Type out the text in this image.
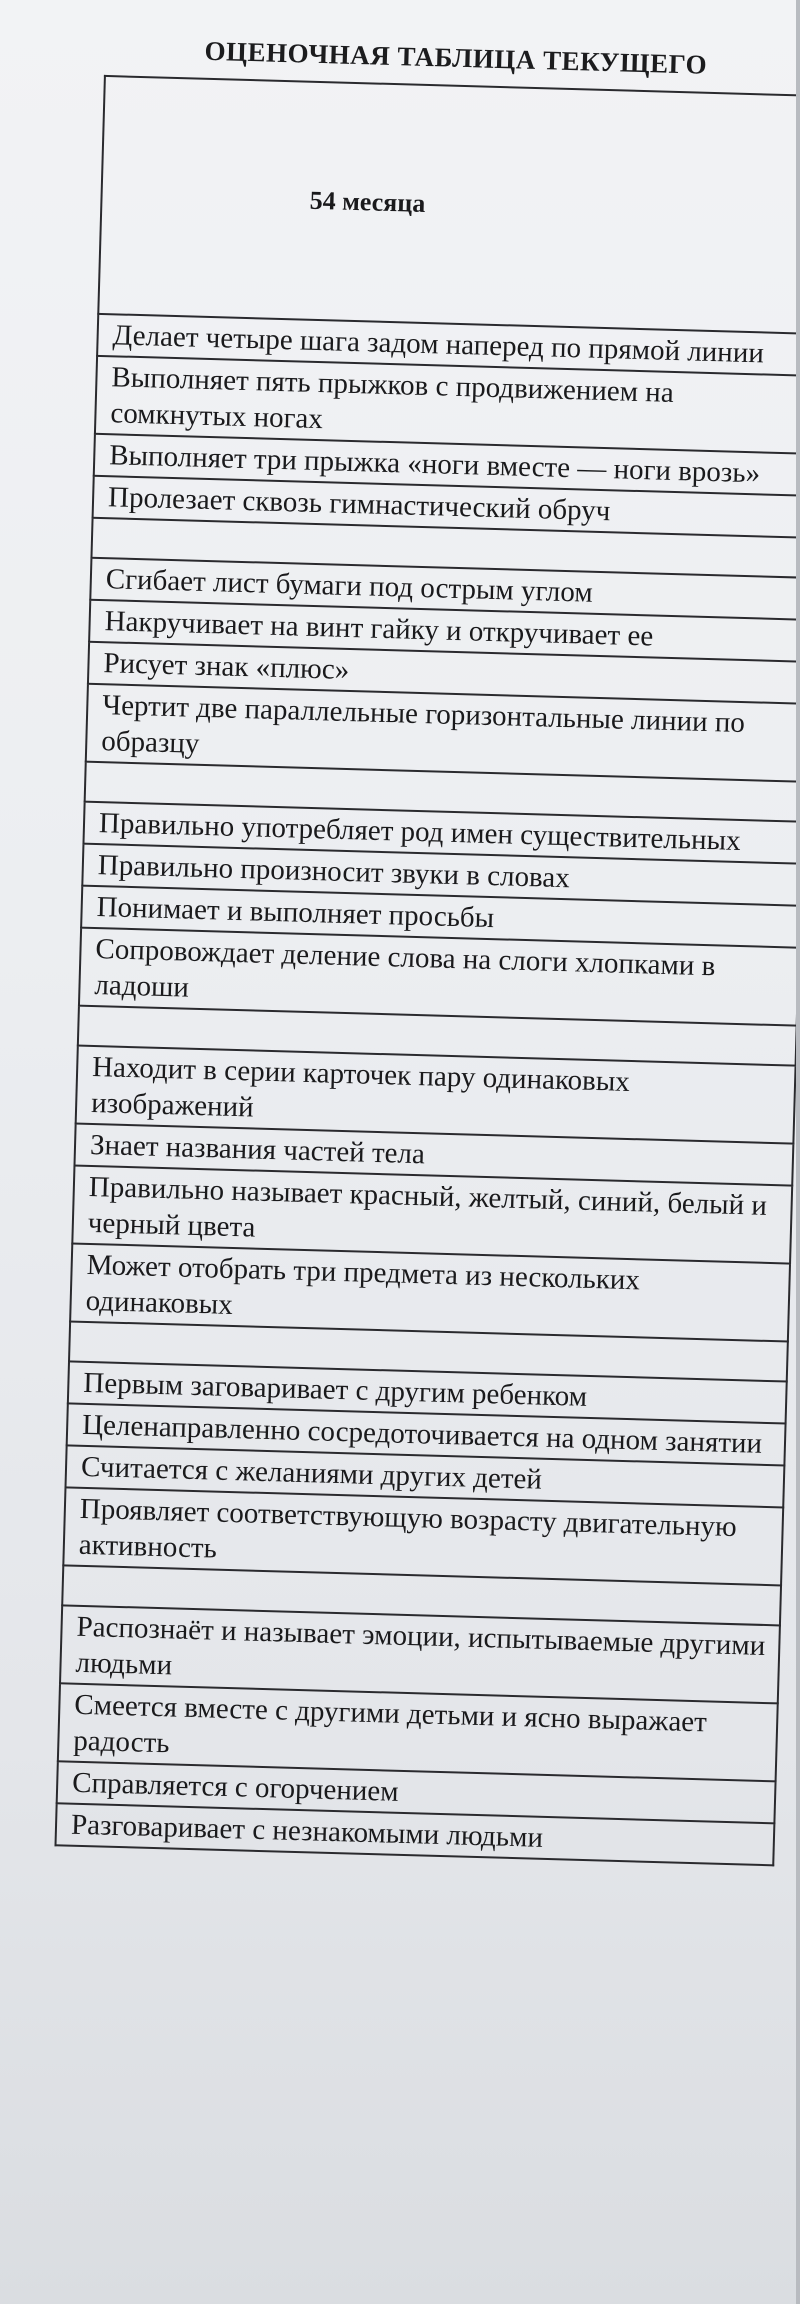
ОЦЕНОЧНАЯ ТАБЛИЦА ТЕКУЩЕГО
54 месяца
Делает четыре шага задом наперед по прямой линии
Выполняет пять прыжков с продвижением на сомкнутых ногах
Выполняет три прыжка «ноги вместе — ноги врозь»
Пролезает сквозь гимнастический обруч

Сгибает лист бумаги под острым углом
Накручивает на винт гайку и откручивает ее
Рисует знак «плюс»
Чертит две параллельные горизонтальные линии по образцу

Правильно употребляет род имен существительных
Правильно произносит звуки в словах
Понимает и выполняет просьбы
Сопровождает деление слова на слоги хлопками в ладоши

Находит в серии карточек пару одинаковых изображений
Знает названия частей тела
Правильно называет красный, желтый, синий, белый и черный цвета
Может отобрать три предмета из нескольких одинаковых

Первым заговаривает с другим ребенком
Целенаправленно сосредоточивается на одном занятии
Считается с желаниями других детей
Проявляет соответствующую возрасту двигательную активность

Распознаёт и называет эмоции, испытываемые другими людьми
Смеется вместе с другими детьми и ясно выражает радость
Справляется с огорчением
Разговаривает с незнакомыми людьми
